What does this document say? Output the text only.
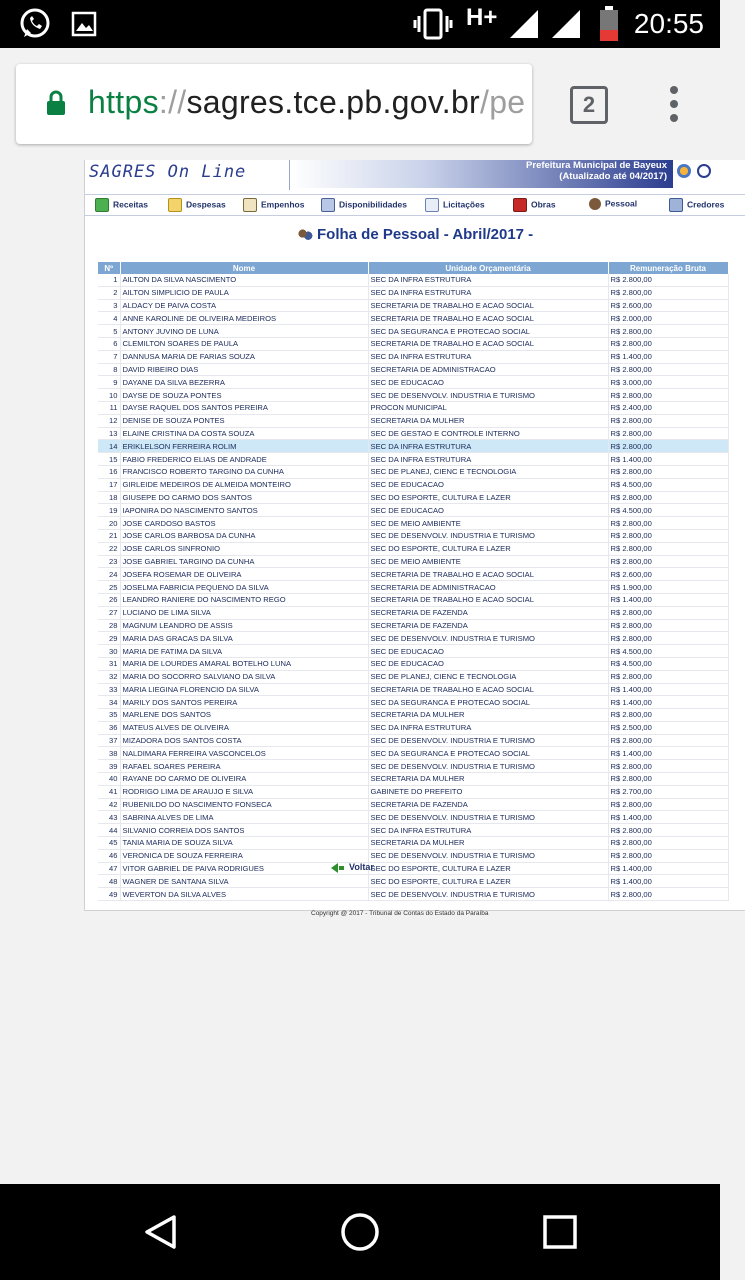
H+	20:55
https://sagres.tce.pb.gov.br/pe	2
SAGRES On Line	Prefeitura Municipal de Bayeux
(Atualizado até 04/2017)
Receitas	Despesas	Empenhos	Disponibilidades	Licitações	Obras	Pessoal	Credores
Folha de Pessoal - Abril/2017 -
Nº	Nome	Unidade Orçamentária	Remuneração Bruta
1	AILTON DA SILVA NASCIMENTO	SEC DA INFRA ESTRUTURA	R$ 2.800,00
2	AILTON SIMPLICIO DE PAULA	SEC DA INFRA ESTRUTURA	R$ 2.800,00
3	ALDACY DE PAIVA COSTA	SECRETARIA DE TRABALHO E ACAO SOCIAL	R$ 2.600,00
4	ANNE KAROLINE DE OLIVEIRA MEDEIROS	SECRETARIA DE TRABALHO E ACAO SOCIAL	R$ 2.000,00
5	ANTONY JUVINO DE LUNA	SEC DA SEGURANCA E PROTECAO SOCIAL	R$ 2.800,00
6	CLEMILTON SOARES DE PAULA	SECRETARIA DE TRABALHO E ACAO SOCIAL	R$ 2.800,00
7	DANNUSA MARIA DE FARIAS SOUZA	SEC DA INFRA ESTRUTURA	R$ 1.400,00
8	DAVID RIBEIRO DIAS	SECRETARIA DE ADMINISTRACAO	R$ 2.800,00
9	DAYANE DA SILVA BEZERRA	SEC DE EDUCACAO	R$ 3.000,00
10	DAYSE DE SOUZA PONTES	SEC DE DESENVOLV. INDUSTRIA E TURISMO	R$ 2.800,00
11	DAYSE RAQUEL DOS SANTOS PEREIRA	PROCON MUNICIPAL	R$ 2.400,00
12	DENISE DE SOUZA PONTES	SECRETARIA DA MULHER	R$ 2.800,00
13	ELAINE CRISTINA DA COSTA SOUZA	SEC DE GESTAO E CONTROLE INTERNO	R$ 2.800,00
14	ERIKLELSON FERREIRA ROLIM	SEC DA INFRA ESTRUTURA	R$ 2.800,00
15	FABIO FREDERICO ELIAS DE ANDRADE	SEC DA INFRA ESTRUTURA	R$ 1.400,00
16	FRANCISCO ROBERTO TARGINO DA CUNHA	SEC DE PLANEJ, CIENC E TECNOLOGIA	R$ 2.800,00
17	GIRLEIDE MEDEIROS DE ALMEIDA MONTEIRO	SEC DE EDUCACAO	R$ 4.500,00
18	GIUSEPE DO CARMO DOS SANTOS	SEC DO ESPORTE, CULTURA E LAZER	R$ 2.800,00
19	IAPONIRA DO NASCIMENTO SANTOS	SEC DE EDUCACAO	R$ 4.500,00
20	JOSE CARDOSO BASTOS	SEC DE MEIO AMBIENTE	R$ 2.800,00
21	JOSE CARLOS BARBOSA DA CUNHA	SEC DE DESENVOLV. INDUSTRIA E TURISMO	R$ 2.800,00
22	JOSE CARLOS SINFRONIO	SEC DO ESPORTE, CULTURA E LAZER	R$ 2.800,00
23	JOSE GABRIEL TARGINO DA CUNHA	SEC DE MEIO AMBIENTE	R$ 2.800,00
24	JOSEFA ROSEMAR DE OLIVEIRA	SECRETARIA DE TRABALHO E ACAO SOCIAL	R$ 2.600,00
25	JOSELMA FABRICIA PEQUENO DA SILVA	SECRETARIA DE ADMINISTRACAO	R$ 1.900,00
26	LEANDRO RANIERE DO NASCIMENTO REGO	SECRETARIA DE TRABALHO E ACAO SOCIAL	R$ 1.400,00
27	LUCIANO DE LIMA SILVA	SECRETARIA DE FAZENDA	R$ 2.800,00
28	MAGNUM LEANDRO DE ASSIS	SECRETARIA DE FAZENDA	R$ 2.800,00
29	MARIA DAS GRACAS DA SILVA	SEC DE DESENVOLV. INDUSTRIA E TURISMO	R$ 2.800,00
30	MARIA DE FATIMA DA SILVA	SEC DE EDUCACAO	R$ 4.500,00
31	MARIA DE LOURDES AMARAL BOTELHO LUNA	SEC DE EDUCACAO	R$ 4.500,00
32	MARIA DO SOCORRO SALVIANO DA SILVA	SEC DE PLANEJ, CIENC E TECNOLOGIA	R$ 2.800,00
33	MARIA LIEGINA FLORENCIO DA SILVA	SECRETARIA DE TRABALHO E ACAO SOCIAL	R$ 1.400,00
34	MARILY DOS SANTOS PEREIRA	SEC DA SEGURANCA E PROTECAO SOCIAL	R$ 1.400,00
35	MARLENE DOS SANTOS	SECRETARIA DA MULHER	R$ 2.800,00
36	MATEUS ALVES DE OLIVEIRA	SEC DA INFRA ESTRUTURA	R$ 2.500,00
37	MIZADORA DOS SANTOS COSTA	SEC DE DESENVOLV. INDUSTRIA E TURISMO	R$ 2.800,00
38	NALDIMARA FERREIRA VASCONCELOS	SEC DA SEGURANCA E PROTECAO SOCIAL	R$ 1.400,00
39	RAFAEL SOARES PEREIRA	SEC DE DESENVOLV. INDUSTRIA E TURISMO	R$ 2.800,00
40	RAYANE DO CARMO DE OLIVEIRA	SECRETARIA DA MULHER	R$ 2.800,00
41	RODRIGO LIMA DE ARAUJO E SILVA	GABINETE DO PREFEITO	R$ 2.700,00
42	RUBENILDO DO NASCIMENTO FONSECA	SECRETARIA DE FAZENDA	R$ 2.800,00
43	SABRINA ALVES DE LIMA	SEC DE DESENVOLV. INDUSTRIA E TURISMO	R$ 1.400,00
44	SILVANIO CORREIA DOS SANTOS	SEC DA INFRA ESTRUTURA	R$ 2.800,00
45	TANIA MARIA DE SOUZA SILVA	SECRETARIA DA MULHER	R$ 2.800,00
46	VERONICA DE SOUZA FERREIRA	SEC DE DESENVOLV. INDUSTRIA E TURISMO	R$ 2.800,00
47	VITOR GABRIEL DE PAIVA RODRIGUES	SEC DO ESPORTE, CULTURA E LAZER	R$ 1.400,00
48	WAGNER DE SANTANA SILVA	SEC DO ESPORTE, CULTURA E LAZER	R$ 1.400,00
49	WEVERTON DA SILVA ALVES	SEC DE DESENVOLV. INDUSTRIA E TURISMO	R$ 2.800,00
Voltar
Copyright @ 2017 - Tribunal de Contas do Estado da Paraíba
